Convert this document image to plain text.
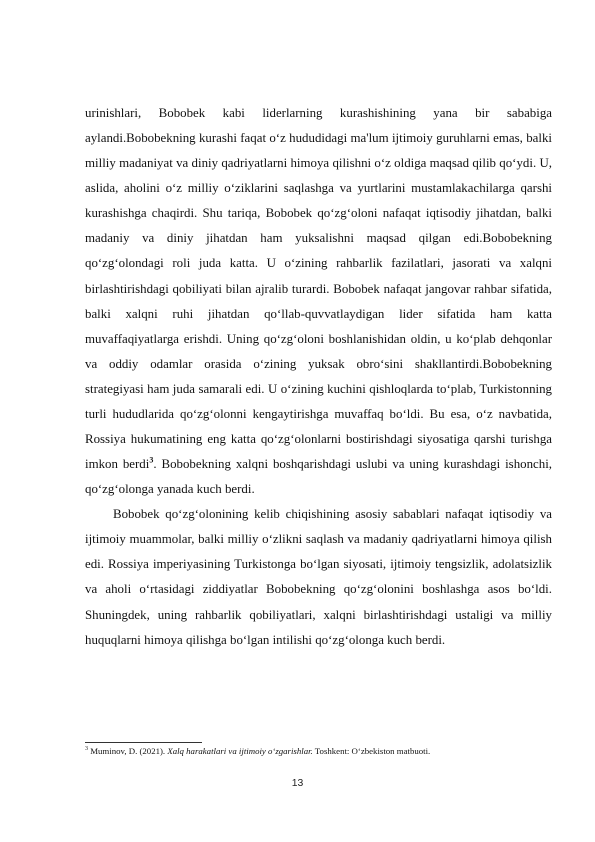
urinishlari, Bobobek kabi liderlarning kurashishining yana bir sababiga aylandi.Bobobekning kurashi faqat o‘z hududidagi ma'lum ijtimoiy guruhlarni emas, balki milliy madaniyat va diniy qadriyatlarni himoya qilishni o‘z oldiga maqsad qilib qo‘ydi. U, aslida, aholini o‘z milliy o‘ziklarini saqlashga va yurtlarini mustamlakachilarga qarshi kurashishga chaqirdi. Shu tariqa, Bobobek qo‘zg‘oloni nafaqat iqtisodiy jihatdan, balki madaniy va diniy jihatdan ham yuksalishni maqsad qilgan edi.Bobobekning qo‘zg‘olondagi roli juda katta. U o‘zining rahbarlik fazilatlari, jasorati va xalqni birlashtirishdagi qobiliyati bilan ajralib turardi. Bobobek nafaqat jangovar rahbar sifatida, balki xalqni ruhi jihatdan qo‘llab-quvvatlaydigan lider sifatida ham katta muvaffaqiyatlarga erishdi. Uning qo‘zg‘oloni boshlanishidan oldin, u ko‘plab dehqonlar va oddiy odamlar orasida o‘zining yuksak obro‘sini shakllantirdi.Bobobekning strategiyasi ham juda samarali edi. U o‘zining kuchini qishloqlarda to‘plab, Turkistonning turli hududlarida qo‘zg‘olonni kengaytirishga muvaffaq bo‘ldi. Bu esa, o‘z navbatida, Rossiya hukumatining eng katta qo‘zg‘olonlarni bostirishdagi siyosatiga qarshi turishga imkon berdi$^3$. Bobobekning xalqni boshqarishdagi uslubi va uning kurashdagi ishonchi, qo‘zg‘olonga yanada kuch berdi.

Bobobek qo‘zg‘olonining kelib chiqishining asosiy sabablari nafaqat iqtisodiy va ijtimoiy muammolar, balki milliy o‘zlikni saqlash va madaniy qadriyatlarni himoya qilish edi. Rossiya imperiyasining Turkistonga bo‘lgan siyosati, ijtimoiy tengsizlik, adolatsizlik va aholi o‘rtasidagi ziddiyatlar Bobobekning qo‘zg‘olonini boshlashga asos bo‘ldi. Shuningdek, uning rahbarlik qobiliyatlari, xalqni birlashtirishdagi ustaligi va milliy huquqlarni himoya qilishga bo‘lgan intilishi qo‘zg‘olonga kuch berdi.

$^3$ Muminov, D. (2021). Xalq harakatlari va ijtimoiy o‘zgarishlar. Toshkent: O‘zbekiston matbuoti.
13
